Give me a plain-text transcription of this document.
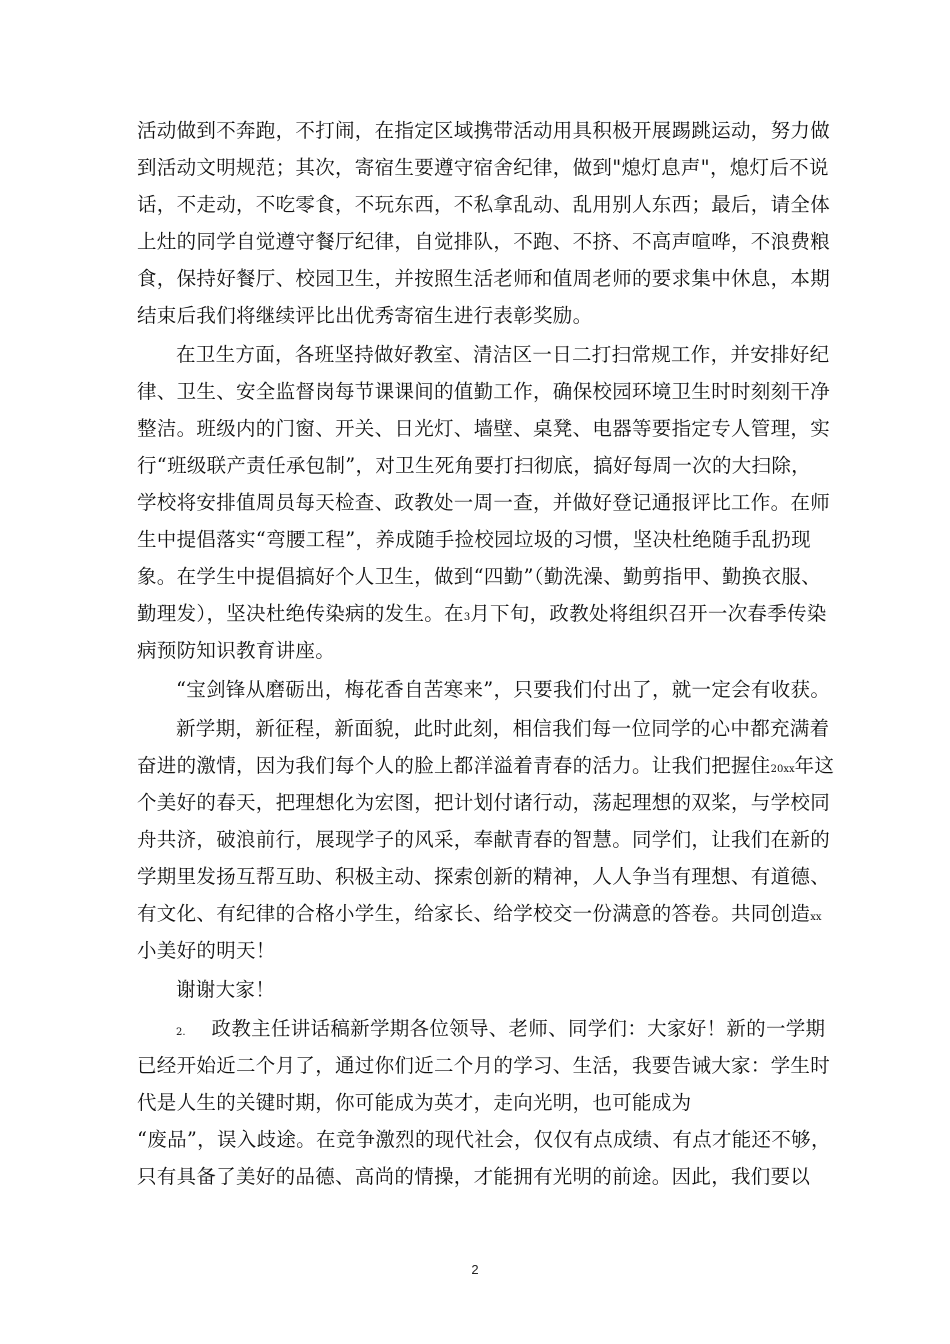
活动做到不奔跑，不打闹，在指定区域携带活动用具积极开展踢跳运动，努力做
到活动文明规范；其次，寄宿生要遵守宿舍纪律，做到"熄灯息声"，熄灯后不说
话，不走动，不吃零食，不玩东西，不私拿乱动、乱用别人东西；最后，请全体
上灶的同学自觉遵守餐厅纪律，自觉排队，不跑、不挤、不高声喧哗，不浪费粮
食，保持好餐厅、校园卫生，并按照生活老师和值周老师的要求集中休息，本期
结束后我们将继续评比出优秀寄宿生进行表彰奖励。
在卫生方面，各班坚持做好教室、清洁区一日二打扫常规工作，并安排好纪
律、卫生、安全监督岗每节课课间的值勤工作，确保校园环境卫生时时刻刻干净
整洁。班级内的门窗、开关、日光灯、墙壁、桌凳、电器等要指定专人管理，实
行“班级联产责任承包制”，对卫生死角要打扫彻底，搞好每周一次的大扫除，
学校将安排值周员每天检查、政教处一周一查，并做好登记通报评比工作。在师
生中提倡落实“弯腰工程”，养成随手捡校园垃圾的习惯，坚决杜绝随手乱扔现
象。在学生中提倡搞好个人卫生，做到“四勤”（勤洗澡、勤剪指甲、勤换衣服、
勤理发），坚决杜绝传染病的发生。在3月下旬，政教处将组织召开一次春季传染
病预防知识教育讲座。
“宝剑锋从磨砺出，梅花香自苦寒来”，只要我们付出了，就一定会有收获。
新学期，新征程，新面貌，此时此刻，相信我们每一位同学的心中都充满着
奋进的激情，因为我们每个人的脸上都洋溢着青春的活力。让我们把握住20xx年这
个美好的春天，把理想化为宏图，把计划付诸行动，荡起理想的双桨，与学校同
舟共济，破浪前行，展现学子的风采，奉献青春的智慧。同学们，让我们在新的
学期里发扬互帮互助、积极主动、探索创新的精神，人人争当有理想、有道德、
有文化、有纪律的合格小学生，给家长、给学校交一份满意的答卷。共同创造xx
小美好的明天！
谢谢大家！
2. 政教主任讲话稿新学期各位领导、老师、同学们：大家好！新的一学期
已经开始近二个月了，通过你们近二个月的学习、生活，我要告诫大家：学生时
代是人生的关键时期，你可能成为英才，走向光明，也可能成为
“废品”，误入歧途。在竞争激烈的现代社会，仅仅有点成绩、有点才能还不够，
只有具备了美好的品德、高尚的情操，才能拥有光明的前途。因此，我们要以
2
